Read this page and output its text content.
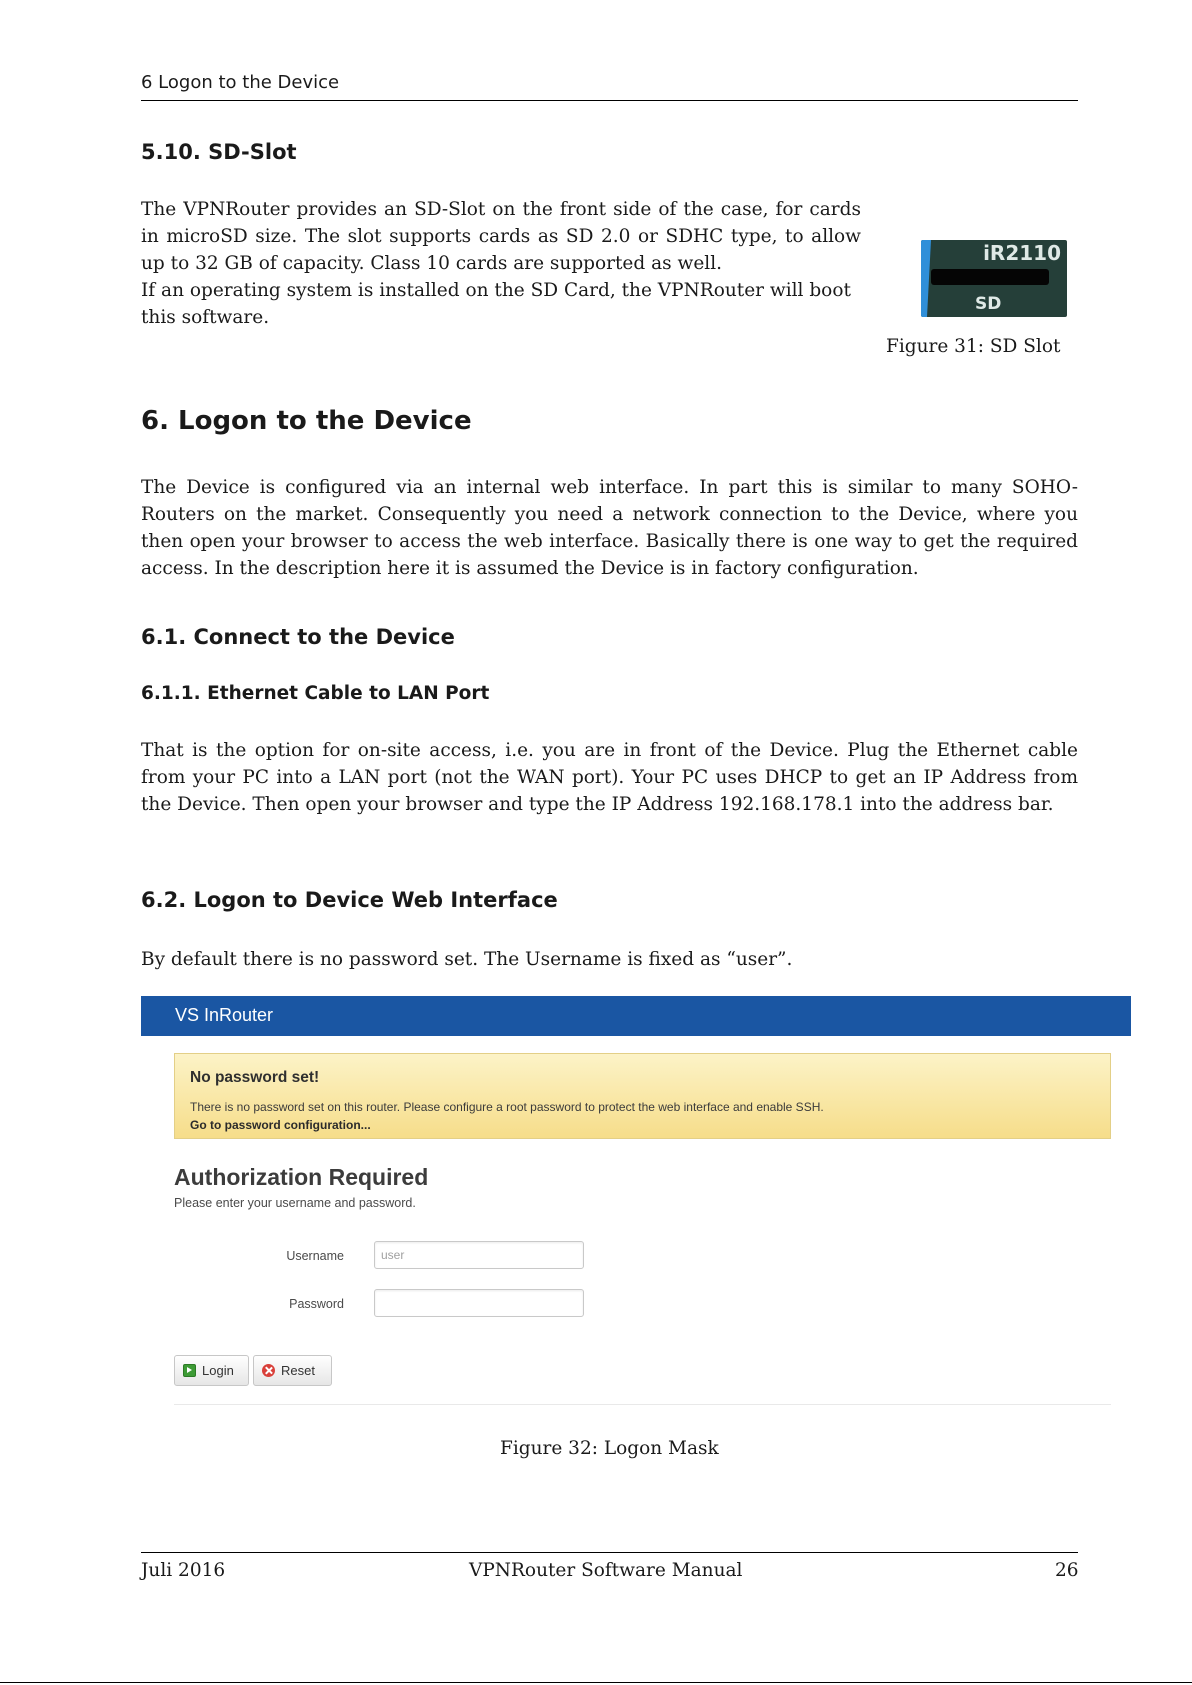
6 Logon to the Device
5.10. SD-Slot

The VPNRouter provides an SD-Slot on the front side of the case, for cards in microSD size. The slot supports cards as SD 2.0 or SDHC type, to allow up to 32 GB of capacity. Class 10 cards are supported as well.

If an operating system is installed on the SD Card, the VPNRouter will boot this software.

iR2110
SD
Figure 31: SD Slot
6. Logon to the Device

The Device is configured via an internal web interface. In part this is similar to many SOHO-Routers on the market. Consequently you need a network connection to the Device, where you then open your browser to access the web interface. Basically there is one way to get the required access. In the description here it is assumed the Device is in factory configuration.

6.1. Connect to the Device
6.1.1. Ethernet Cable to LAN Port

That is the option for on-site access, i.e. you are in front of the Device. Plug the Ethernet cable from your PC into a LAN port (not the WAN port). Your PC uses DHCP to get an IP Address from the Device. Then open your browser and type the IP Address 192.168.178.1 into the address bar.

6.2. Logon to Device Web Interface

By default there is no password set. The Username is fixed as “user”.

VS InRouter
No password set!
There is no password set on this router. Please configure a root password to protect the web interface and enable SSH.
Go to password configuration...
Authorization Required
Please enter your username and password.
Username
user
Password
Login	Reset
Figure 32: Logon Mask
Juli 2016	VPNRouter Software Manual	26
